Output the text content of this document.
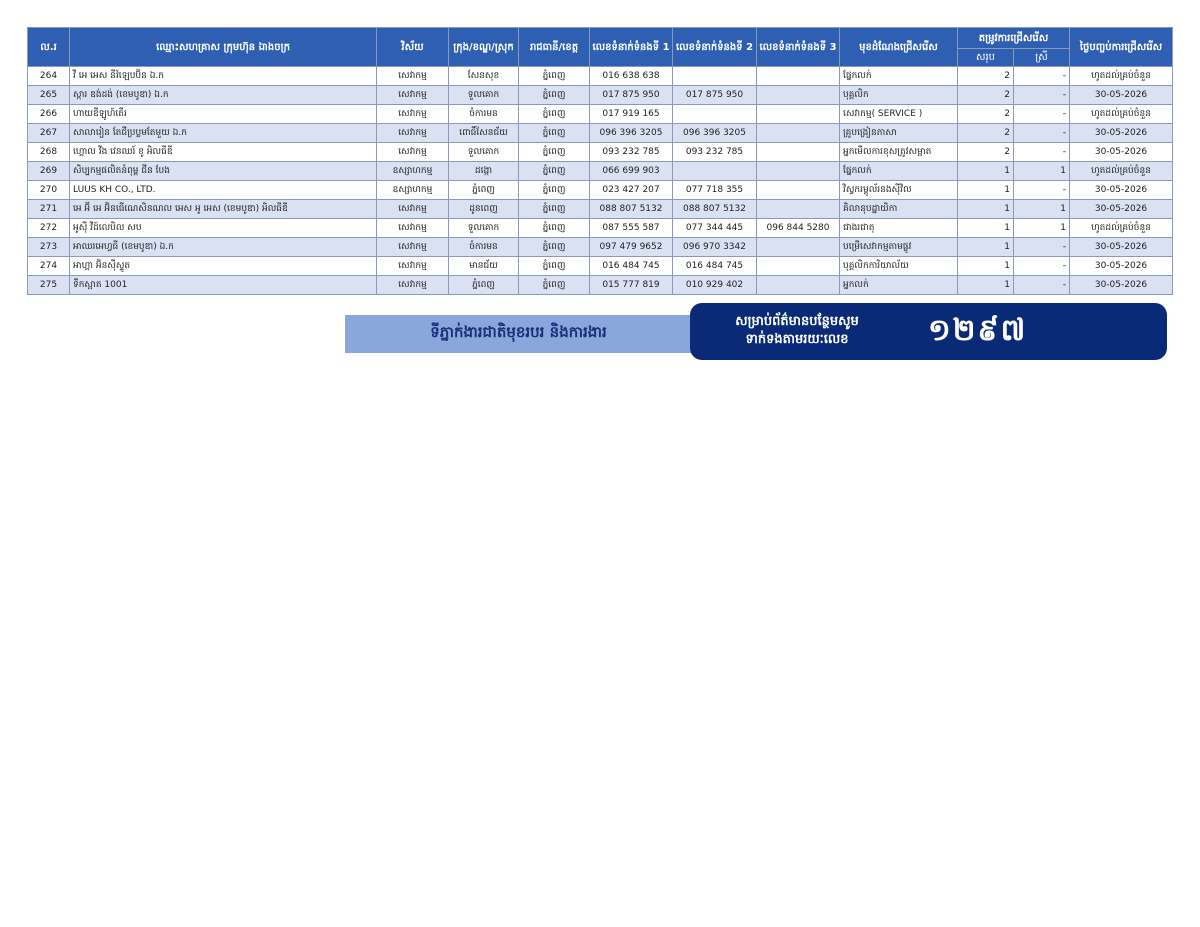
ល.រ	ឈ្មោះសហគ្រាស ក្រុមហ៊ុន ឯាងចក្រ	វិស័យ	ក្រុង/ខណ្ឌ/ស្រុក	រាជធានី/ខេត្ត	លេខទំនាក់ទំនងទី 1	លេខទំនាក់ទំនងទី 2	លេខទំនាក់ទំនងទី 3	មុខដំណែងជ្រើសរើស	តម្រូវការជ្រើសរើស		ថ្ងៃបញ្ចប់ការជ្រើសរើស
									សរុប	ស្រី	
264	វី អេ អេស នីវ៉ឡេបប៊ិន ឯ.ក	សេវាកម្ម	សែនសុខ	ភ្នំពេញ	016 638 638			ផ្នែកលក់	2	-	ហូតដល់គ្រប់ចំនួន
265	ស្ការ ឌង់ដង់ (ខេមបូឌា) ឯ.ក	សេវាកម្ម	ទួលគោក	ភ្នំពេញ	017 875 950	017 875 950		បុគ្គលិក	2	-	30-05-2026
266	ហាយឌីឡូហ៍តើរ	សេវាកម្ម	ចំការមន	ភ្នំពេញ	017 919 165			សេវាកម្ម( SERVICE )	2	-	ហូតដល់គ្រប់ចំនួន
267	សាលារៀន តែជីប្រប្លមតែមួយ ឯ.ក	សេវាកម្ម	ពោធិ៍សែនជ័យ	ភ្នំពេញ	096 396 3205	096 396 3205		គ្រូបង្រៀនភាសា	2	-	30-05-2026
268	ហ្គោល វីង វេនឈរ៍ ខូ អិលធីឌី	សេវាកម្ម	ទួលគោក	ភ្នំពេញ	093 232 785	093 232 785		អ្នកមើលការខុសត្រូវសម្អាត	2	-	30-05-2026
269	សិប្បកម្មផលិតនំពុម្ព ជីន បែង	ឧស្សាហកម្ម	ដង្កោ	ភ្នំពេញ	066 699 903			ផ្នែកលក់	1	1	ហូតដល់គ្រប់ចំនួន
270	LUUS KH CO., LTD.	ឧស្សាហកម្ម	ភ្នំពេញ	ភ្នំពេញ	023 427 207	077 718 355		វិស្វករម្ដូល័រនងស៊ីវិល	1	-	30-05-2026
271	អេ អ៊ី អេ អ៊ិនធើណេសិនណល អេស អូ អេស (ខេមបូឌា) អិលធីឌី	សេវាកម្ម	ដូនពេញ	ភ្នំពេញ	088 807 5132	088 807 5132		គិលានុបដ្ឋាយិកា	1	1	30-05-2026
272	អូស៊ី វីដ៍លេបិល សប	សេវាកម្ម	ទួលគោក	ភ្នំពេញ	087 555 587	077 344 445	096 844 5280	ជាងរជាតុ	1	1	ហូតដល់គ្រប់ចំនួន
273	អាឈរអេហ្វធី (ខេមបូឌា) ឯ.ក	សេវាកម្ម	ចំការមន	ភ្នំពេញ	097 479 9652	096 970 3342		បម្រើសេវាកម្មតាមផ្លូវ	1	-	30-05-2026
274	អាហ្គា អ៊ិនស៊ីស្ទូត	សេវាកម្ម	មានជ័យ	ភ្នំពេញ	016 484 745	016 484 745		បុគ្គលិកការិយាល័យ	1	-	30-05-2026
275	ទឹកស្អាត 1001	សេវាកម្ម	ភ្នំពេញ	ភ្នំពេញ	015 777 819	010 929 402		អ្នកលក់	1	-	30-05-2026
ទីភ្នាក់ងារជាតិមុខរបរ និងការងារ
សម្រាប់ព័ត៌មានបន្ថែមសូម
ទាក់ទងតាមរយៈលេខ	១២៩៧
